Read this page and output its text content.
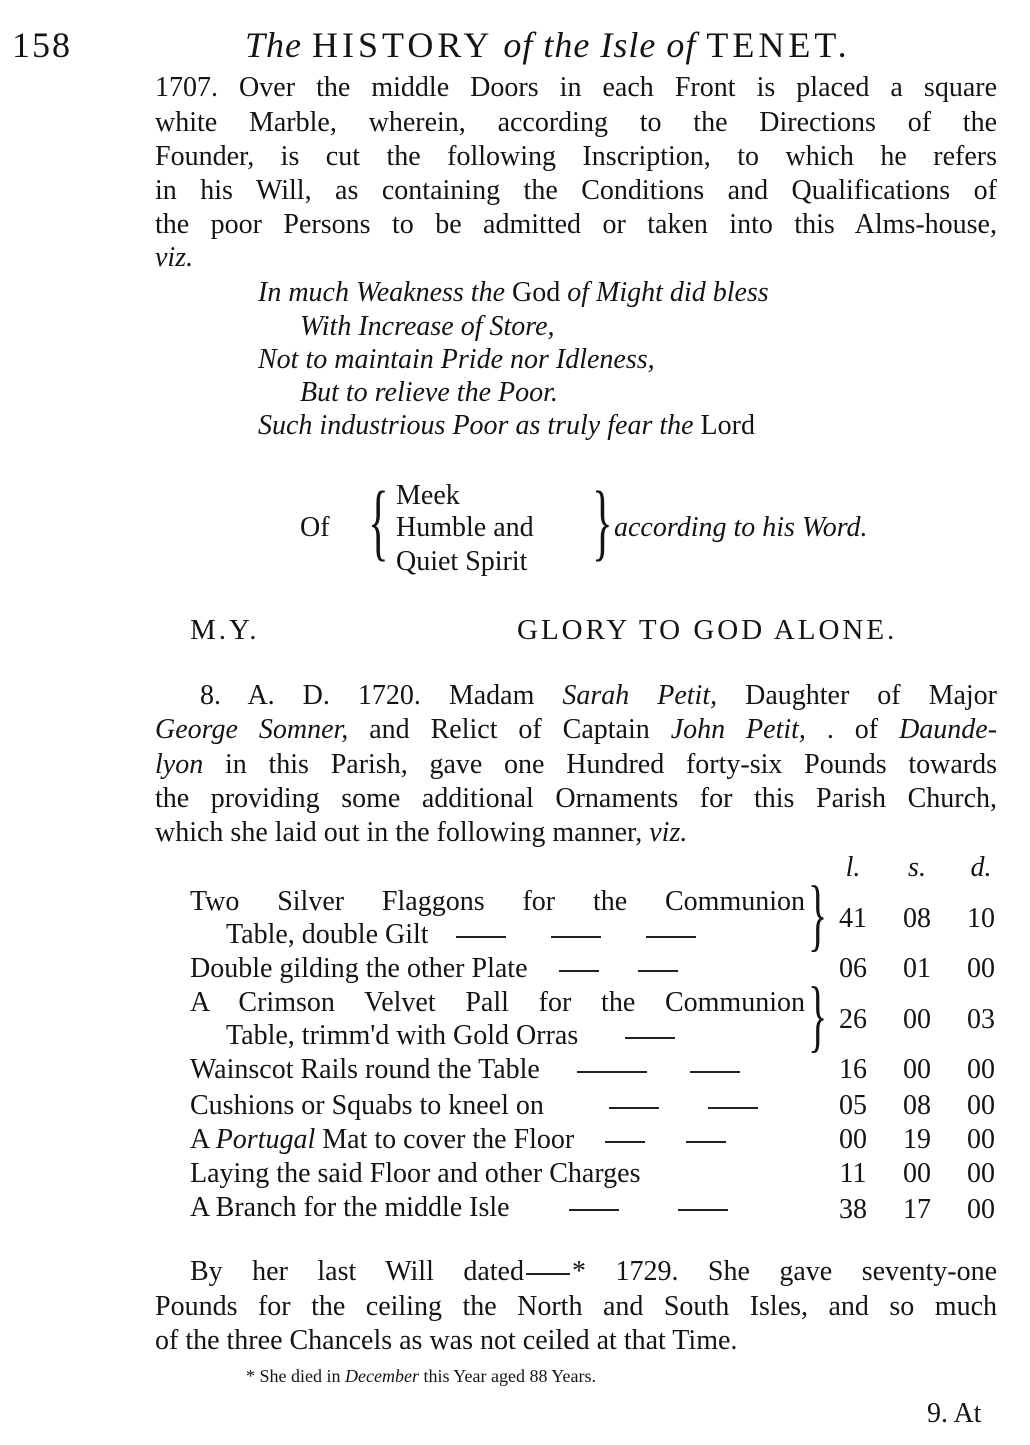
158	The HISTORY of the Isle of TENET.
1707. Over the middle Doors in each Front is placed a square
white Marble, wherein, according to the Directions of the
Founder, is cut the following Inscription, to which he refers
in his Will, as containing the Conditions and Qualifications of
the poor Persons to be admitted or taken into this Alms-house,
viz.
In much Weakness the God of Might did bless
With Increase of Store,
Not to maintain Pride nor Idleness,
But to relieve the Poor.
Such industrious Poor as truly fear the Lord
Of { Meek
Humble and
Quiet Spirit } according to his Word.
M.Y.	GLORY TO GOD ALONE.
8. A. D. 1720. Madam Sarah Petit, Daughter of Major
George Somner, and Relict of Captain John Petit, . of Daunde-
lyon in this Parish, gave one Hundred forty-six Pounds towards
the providing some additional Ornaments for this Parish Church,
which she laid out in the following manner, viz.
l.	s.	d.
Two Silver Flaggons for the Communion
Table, double Gilt	} 41	08	10
Double gilding the other Plate	06	01	00
A Crimson Velvet Pall for the Communion
Table, trimm'd with Gold Orras	} 26	00	03
Wainscot Rails round the Table	16	00	00
Cushions or Squabs to kneel on	05	08	00
A Portugal Mat to cover the Floor	00	19	00
Laying the said Floor and other Charges	11	00	00
A Branch for the middle Isle	38	17	00
By her last Will dated * 1729. She gave seventy-one
Pounds for the ceiling the North and South Isles, and so much
of the three Chancels as was not ceiled at that Time.
* She died in December this Year aged 88 Years.
9. At
